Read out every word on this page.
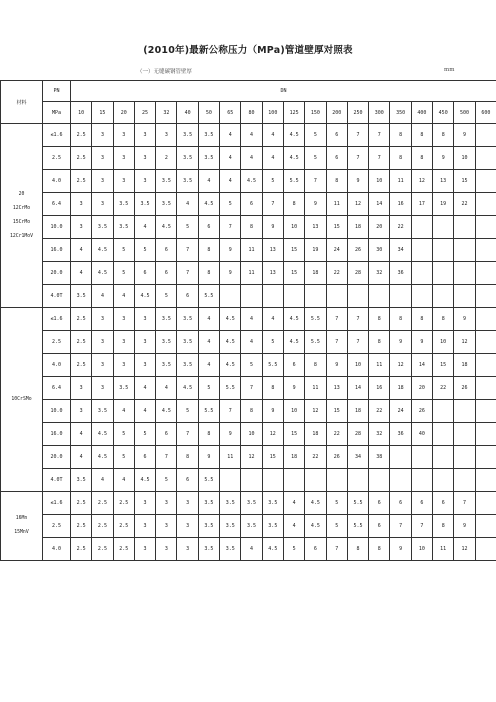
(2010年)最新公称压力（MPa)管道壁厚对照表
（一）无缝碳钢管壁厚	mm
材料	PN	DN																			
	MPa	10	15	20	25	32	40	50	65	80	100	125	150	200	250	300	350	400	450	500	600

20
12CrMo
15CrMo
12Cr1MoV	≤1.6	2.5	3	3	3	3	3.5	3.5	4	4	4	4.5	5	6	7	7	8	8	8	9	
	2.5	2.5	3	3	3	2	3.5	3.5	4	4	4	4.5	5	6	7	7	8	8	9	10	
	4.0	2.5	3	3	3	3.5	3.5	4	4	4.5	5	5.5	7	8	9	10	11	12	13	15	
	6.4	3	3	3.5	3.5	3.5	4	4.5	5	6	7	8	9	11	12	14	16	17	19	22	
	10.0	3	3.5	3.5	4	4.5	5	6	7	8	9	10	13	15	18	20	22				
	16.0	4	4.5	5	5	6	7	8	9	11	13	15	19	24	26	30	34				
	20.0	4	4.5	5	6	6	7	8	9	11	13	15	18	22	28	32	36				
	4.0T	3.5	4	4	4.5	5	6	5.5													

10CrSMo	≤1.6	2.5	3	3	3	3.5	3.5	4	4.5	4	4	4.5	5.5	7	7	8	8	8	8	9	
	2.5	2.5	3	3	3	3.5	3.5	4	4.5	4	5	4.5	5.5	7	7	8	9	9	10	12	
	4.0	2.5	3	3	3	3.5	3.5	4	4.5	5	5.5	6	8	9	10	11	12	14	15	18	
	6.4	3	3	3.5	4	4	4.5	5	5.5	7	8	9	11	13	14	16	18	20	22	26	
	10.0	3	3.5	4	4	4.5	5	5.5	7	8	9	10	12	15	18	22	24	26			
	16.0	4	4.5	5	5	6	7	8	9	10	12	15	18	22	28	32	36	40			
	20.0	4	4.5	5	6	7	8	9	11	12	15	18	22	26	34	38					
	4.0T	3.5	4	4	4.5	5	6	5.5													

16Mn
15MnV	≤1.6	2.5	2.5	2.5	3	3	3	3.5	3.5	3.5	3.5	4	4.5	5	5.5	6	6	6	6	7	
	2.5	2.5	2.5	2.5	3	3	3	3.5	3.5	3.5	3.5	4	4.5	5	5.5	6	7	7	8	9	
	4.0	2.5	2.5	2.5	3	3	3	3.5	3.5	4	4.5	5	6	7	8	8	9	10	11	12	
